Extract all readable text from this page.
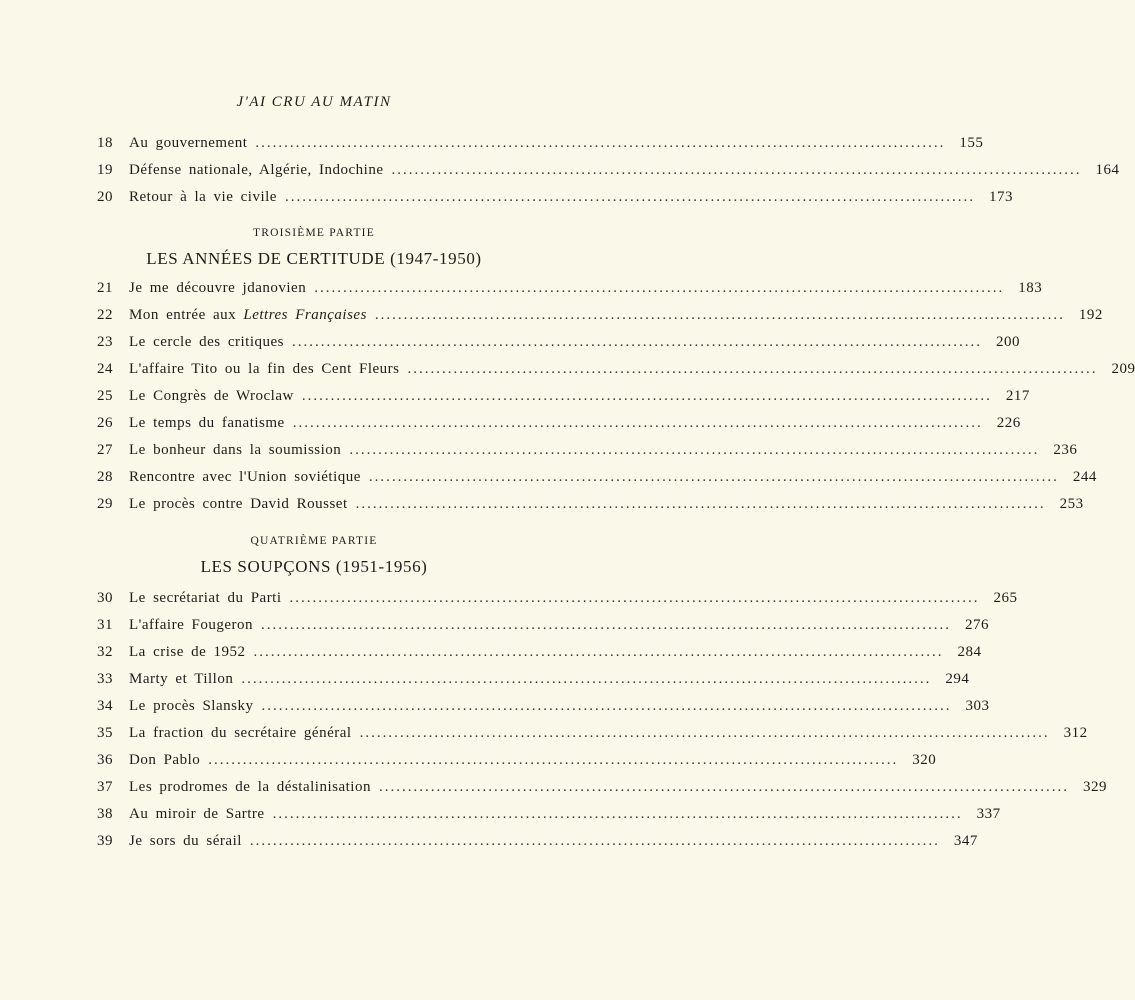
J'AI CRU AU MATIN
18	Au gouvernement ........................................................................................................................ 155
19	Défense nationale, Algérie, Indochine ........................................................................................................................ 164
20	Retour à la vie civile ........................................................................................................................ 173
TROISIÈME PARTIE
LES ANNÉES DE CERTITUDE (1947-1950)
21	Je me découvre jdanovien ........................................................................................................................ 183
22	Mon entrée aux Lettres Françaises ........................................................................................................................ 192
23	Le cercle des critiques ........................................................................................................................ 200
24	L'affaire Tito ou la fin des Cent Fleurs ........................................................................................................................ 209
25	Le Congrès de Wroclaw ........................................................................................................................ 217
26	Le temps du fanatisme ........................................................................................................................ 226
27	Le bonheur dans la soumission ........................................................................................................................ 236
28	Rencontre avec l'Union soviétique ........................................................................................................................ 244
29	Le procès contre David Rousset ........................................................................................................................ 253
QUATRIÈME PARTIE
LES SOUPÇONS (1951-1956)
30	Le secrétariat du Parti ........................................................................................................................ 265
31	L'affaire Fougeron ........................................................................................................................ 276
32	La crise de 1952 ........................................................................................................................ 284
33	Marty et Tillon ........................................................................................................................ 294
34	Le procès Slansky ........................................................................................................................ 303
35	La fraction du secrétaire général ........................................................................................................................ 312
36	Don Pablo ........................................................................................................................ 320
37	Les prodromes de la déstalinisation ........................................................................................................................ 329
38	Au miroir de Sartre ........................................................................................................................ 337
39	Je sors du sérail ........................................................................................................................ 347
